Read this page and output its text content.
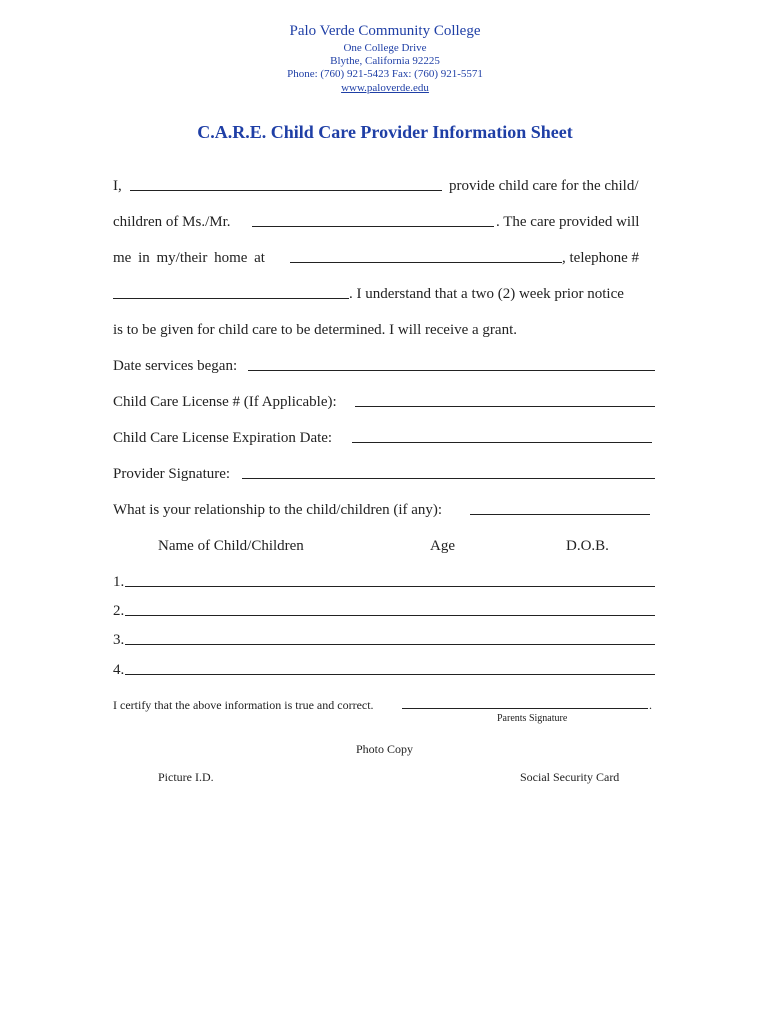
Palo Verde Community College
One College Drive
Blythe, California 92225
Phone: (760) 921-5423 Fax: (760) 921-5571
www.paloverde.edu
C.A.R.E. Child Care Provider Information Sheet
I,	provide child care for the child/
children of Ms./Mr.	. The care provided will
me in my/their home at	, telephone #
. I understand that a two (2) week prior notice
is to be given for child care to be determined. I will receive a grant.
Date services began:
Child Care License # (If Applicable):
Child Care License Expiration Date:
Provider Signature:
What is your relationship to the child/children (if any):
Name of Child/Children	Age	D.O.B.
1.
2.
3.
4.
I certify that the above information is true and correct.	.
Parents Signature
Photo Copy
Picture I.D.	Social Security Card
